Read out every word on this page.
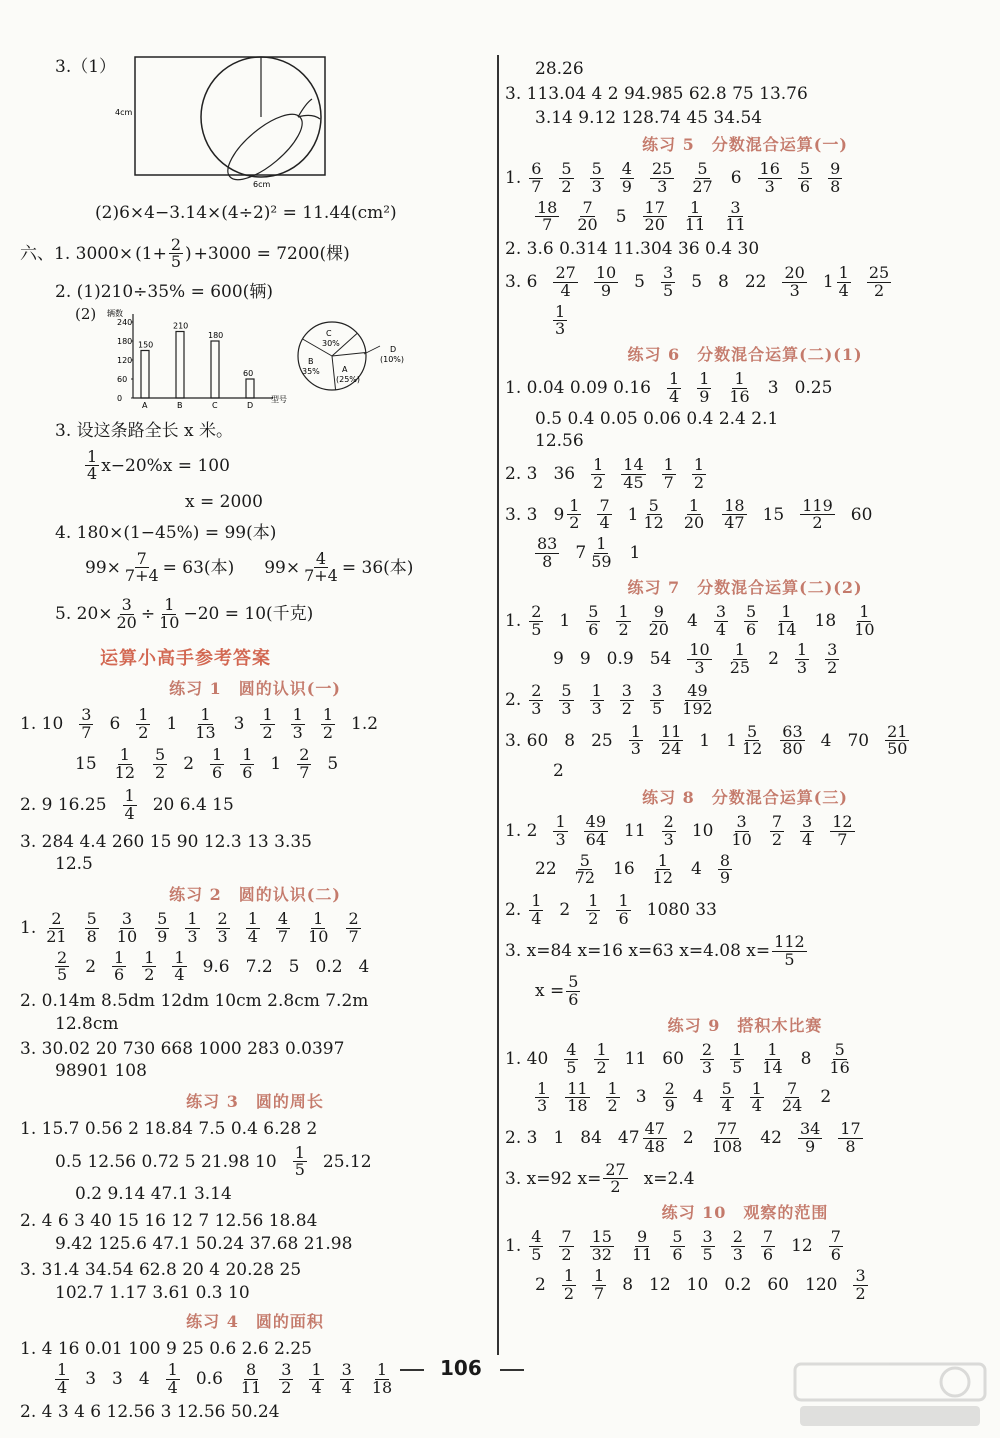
3.（1）
4cm
6cm
(2)6×4−3.14×(4÷2)² = 11.44(cm²)
六、1. $3000\times (1+ \frac{2}{5}$ ) +3000 = 7200(棵)
2. (1)210÷35% = 600(辆)
(2) 辆数
240
180
120
60
0
150
A
210
B
180
C
60
D
型号
C
30%
D
(10%)
A
(25%)
B
35%
3. 设这条路全长 x 米。
$\frac{1}{4} x-20\%x = 100$
x = 2000
4. 180×(1−45%) = 99(本)
$99\times \frac{7}{7+4} = 63$(本) $99\times \frac{4}{7+4} = 36$(本)
5. $20\times \frac{3}{20} \div \frac{1}{10} -20 = 10$(千克)
运算小高手参考答案
练习 1　圆的认识(一)
1. $10 \frac{3}{7} 6 \frac{1}{2} 1 \frac{1}{13} 3 \frac{1}{2} \frac{1}{3} \frac{1}{2} 1.2$
$15 \frac{1}{12} \frac{5}{2} 2 \frac{1}{6} \frac{1}{6} 1 \frac{2}{7} 5$
2. 9 $16.25 \frac{1}{4} 20$ 6.4 15
3. 284 4.4 260 15 90 12.3 13 3.35
12.5
练习 2　圆的认识(二)
1. $\frac{2}{21} \frac{5}{8} \frac{3}{10} \frac{5}{9} \frac{1}{3} \frac{2}{3} \frac{1}{4} \frac{4}{7} \frac{1}{10} \frac{2}{7}$
$\frac{2}{5} 2 \frac{1}{6} \frac{1}{2} \frac{1}{4} 9.6$ 7.2 5 0.2 4
2. 0.14m 8.5dm 12dm 10cm 2.8cm 7.2m
12.8cm
3. 30.02 20 730 668 1000 283 0.0397
98901 108
练习 3　圆的周长
1. 15.7 0.56 2 18.84 7.5 0.4 6.28 2
0.5 12.56 0.72 5 21.98 $10 \frac{1}{5} 25.12$
0.2 9.14 47.1 3.14
2. 4 6 3 40 15 16 12 7 12.56 18.84
9.42 125.6 47.1 50.24 37.68 21.98
3. 31.4 34.54 62.8 20 4 20.28 25
102.7 1.17 3.61 0.3 10
练习 4　圆的面积
1. 4 16 0.01 100 9 25 0.6 2.6 2.25
$\frac{1}{4} 3$ 3 $4 \frac{1}{4} 0.6 \frac{8}{11} \frac{3}{2} \frac{1}{4} \frac{3}{4} \frac{1}{18}$
2. 4 3 4 6 12.56 3 12.56 50.24
28.26
3. 113.04 4 2 94.985 62.8 75 13.76
3.14 9.12 128.74 45 34.54
练习 5　分数混合运算(一)
1. $\frac{6}{7} \frac{5}{2} \frac{5}{3} \frac{4}{9} \frac{25}{3} \frac{5}{27} 6 \frac{16}{3} \frac{5}{6} \frac{9}{8}$
$\frac{18}{7} \frac{7}{20} 5 \frac{17}{20} \frac{1}{11} \frac{3}{11}$
2. 3.6 0.314 11.304 36 0.4 30
3. $6 \frac{27}{4} \frac{10}{9} 5 \frac{3}{5} 5$ 8 $22 \frac{20}{3} 1 \frac{1}{4} \frac{25}{2}$
$\frac{1}{3}$
练习 6　分数混合运算(二)(1)
1. 0.04 0.09 $0.16 \frac{1}{4} \frac{1}{9} \frac{1}{16} 3$ 0.25
0.5 0.4 0.05 0.06 0.4 2.4 2.1
12.56
2. 3 $36 \frac{1}{2} \frac{14}{45} \frac{1}{7} \frac{1}{2}$
3. 3 $9 \frac{1}{2} \frac{7}{4} 1 \frac{5}{12} \frac{1}{20} \frac{18}{47} 15 \frac{119}{2} 60$
$\frac{83}{8} 7 \frac{1}{59} 1$
练习 7　分数混合运算(二)(2)
1. $\frac{2}{5} 1 \frac{5}{6} \frac{1}{2} \frac{9}{20} 4 \frac{3}{4} \frac{5}{6} \frac{1}{14} 18 \frac{1}{10}$
9 9 0.9 $54 \frac{10}{3} \frac{1}{25} 2 \frac{1}{3} \frac{3}{2}$
2. $\frac{2}{3} \frac{5}{3} \frac{1}{3} \frac{3}{2} \frac{3}{5} \frac{49}{192}$
3. 60 8 $25 \frac{1}{3} \frac{11}{24} 1$ $1 \frac{5}{12} \frac{63}{80} 4$ $70 \frac{21}{50}$
2
练习 8　分数混合运算(三)
1. $2 \frac{1}{3} \frac{49}{64} 11 \frac{2}{3} 10 \frac{3}{10} \frac{7}{2} \frac{3}{4} \frac{12}{7}$
$22 \frac{5}{72} 16 \frac{1}{12} 4 \frac{8}{9}$
2. $\frac{1}{4} 2 \frac{1}{2} \frac{1}{6} 1080$ 33
3. x=84 x=16 x=63 x=4.08 $x= \frac{112}{5}$
$x = \frac{5}{6}$
练习 9　搭积木比赛
1. $40 \frac{4}{5} \frac{1}{2} 11$ $60 \frac{2}{3} \frac{1}{5} \frac{1}{14} 8 \frac{5}{16}$
$\frac{1}{3} \frac{11}{18} \frac{1}{2} 3 \frac{2}{9} 4 \frac{5}{4} \frac{1}{4} \frac{7}{24} 2$
2. 3 1 84 $47 \frac{47}{48} 2 \frac{77}{108} 42 \frac{34}{9} \frac{17}{8}$
3. x=92 $x= \frac{27}{2} x=2.4$
练习 10　观察的范围
1. $\frac{4}{5} \frac{7}{2} \frac{15}{32} \frac{9}{11} \frac{5}{6} \frac{3}{5} \frac{2}{3} \frac{7}{6} 12 \frac{7}{6}$
$2 \frac{1}{2} \frac{1}{7} 8$ 12 10 0.2 60 $120 \frac{3}{2}$
106
